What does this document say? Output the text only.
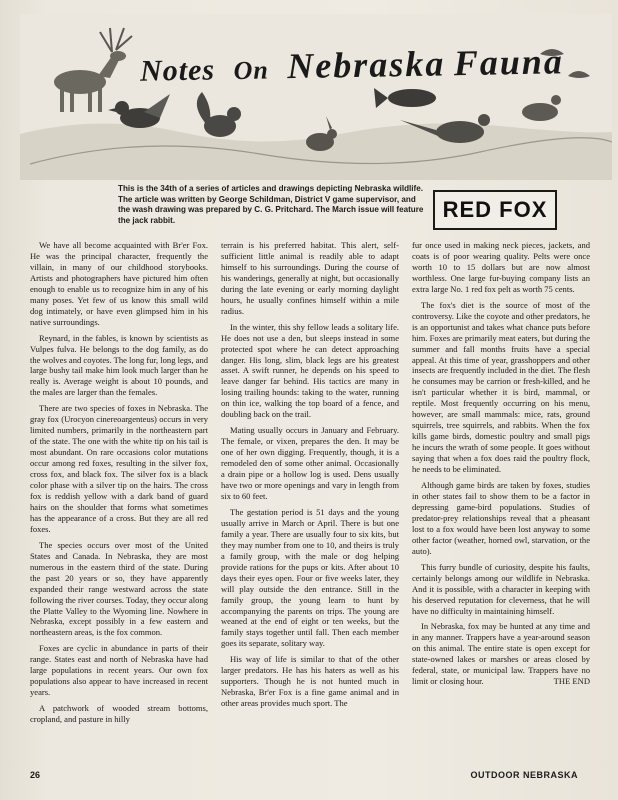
Notes On Nebraska Fauna
This is the 34th of a series of articles and drawings depicting Nebraska wildlife. The article was written by George Schildman, District V game supervisor, and the wash drawing was prepared by C. G. Pritchard. The March issue will feature the jack rabbit.	RED FOX

We have all become acquainted with Br'er Fox. He was the principal character, frequently the villain, in many of our childhood storybooks. Artists and photographers have pictured him often enough to enable us to recognize him in any of his many poses. Yet few of us know this small wild dog intimately, or have even glimpsed him in his native surroundings.

Reynard, in the fables, is known by scientists as Vulpes fulva. He belongs to the dog family, as do the wolves and coyotes. The long fur, long legs, and large bushy tail make him look much larger than he really is. Average weight is about 10 pounds, and the males are larger than the females.

There are two species of foxes in Nebraska. The gray fox (Urocyon cinereoargenteus) occurs in very limited numbers, primarily in the northeastern part of the state. The one with the white tip on his tail is most abundant. On rare occasions color mutations occur among red foxes, resulting in the silver fox, cross fox, and black fox. The silver fox is a black color phase with a silver tip on the hairs. The cross fox is reddish yellow with a dark band of guard hairs on the shoulder that forms what sometimes has the appearance of a cross. But they are all red foxes.

The species occurs over most of the United States and Canada. In Nebraska, they are most numerous in the eastern third of the state. During the past 20 years or so, they have apparently expanded their range westward across the state following the river courses. Today, they occur along the Platte Valley to the Wyoming line. Nowhere in Nebraska, except possibly in a few eastern and northeastern areas, is the fox common.

Foxes are cyclic in abundance in parts of their range. States east and north of Nebraska have had large populations in recent years. Our own fox populations also appear to have increased in recent years.

A patchwork of wooded stream bottoms, cropland, and pasture in hilly

terrain is his preferred habitat. This alert, self-sufficient little animal is readily able to adapt himself to his surroundings. During the course of his wanderings, generally at night, but occasionally during the late evening or early morning daylight hours, he usually confines himself within a mile radius.

In the winter, this shy fellow leads a solitary life. He does not use a den, but sleeps instead in some protected spot where he can detect approaching danger. His long, slim, black legs are his greatest asset. A swift runner, he depends on his speed to leave danger far behind. His tactics are many in losing trailing hounds: taking to the water, running on thin ice, walking the top board of a fence, and doubling back on the trail.

Mating usually occurs in January and February. The female, or vixen, prepares the den. It may be one of her own digging. Frequently, though, it is a remodeled den of some other animal. Occasionally a drain pipe or a hollow log is used. Dens usually have two or more openings and vary in length from six to 60 feet.

The gestation period is 51 days and the young usually arrive in March or April. There is but one family a year. There are usually four to six kits, but they may number from one to 10, and theirs is truly a family group, with the male or dog helping provide rations for the pups or kits. After about 10 days their eyes open. Four or five weeks later, they will play outside the den entrance. Still in the family group, the young learn to hunt by accompanying the parents on trips. The young are weaned at the end of eight or ten weeks, but the family stays together until fall. Then each member goes its separate, solitary way.

His way of life is similar to that of the other larger predators. He has his haters as well as his supporters. Though he is not hunted much in Nebraska, Br'er Fox is a fine game animal and in other areas provides much sport. The

fur once used in making neck pieces, jackets, and coats is of poor wearing quality. Pelts were once worth 10 to 15 dollars but are now almost worthless. One large fur-buying company lists an extra large No. 1 red fox pelt as worth 75 cents.

The fox's diet is the source of most of the controversy. Like the coyote and other predators, he is an opportunist and takes what chance puts before him. Foxes are primarily meat eaters, but during the summer and fall months fruits have a special appeal. At this time of year, grasshoppers and other insects are frequently included in the diet. The flesh he consumes may be carrion or fresh-killed, and he isn't particular whether it is bird, mammal, or reptile. Most frequently occurring on his menu, however, are small mammals: mice, rats, ground squirrels, tree squirrels, and rabbits. When the fox kills game birds, domestic poultry and small pigs he incurs the wrath of some people. It goes without saying that when a fox does raid the poultry flock, he needs to be eliminated.

Although game birds are taken by foxes, studies in other states fail to show them to be a factor in depressing game-bird populations. Studies of predator-prey relationships reveal that a pheasant lost to a fox would have been lost anyway to some other factor (weather, horned owl, starvation, or the auto).

This furry bundle of curiosity, despite his faults, certainly belongs among our wildlife in Nebraska. And it is possible, with a character in keeping with his deserved reputation for cleverness, that he will have no difficulty in maintaining himself.

In Nebraska, fox may be hunted at any time and in any manner. Trappers have a year-around season on this animal. The entire state is open except for state-owned lakes or marshes or areas closed by federal, state, or municipal law. Trappers have no limit or closing hour.	THE END

26	OUTDOOR NEBRASKA
